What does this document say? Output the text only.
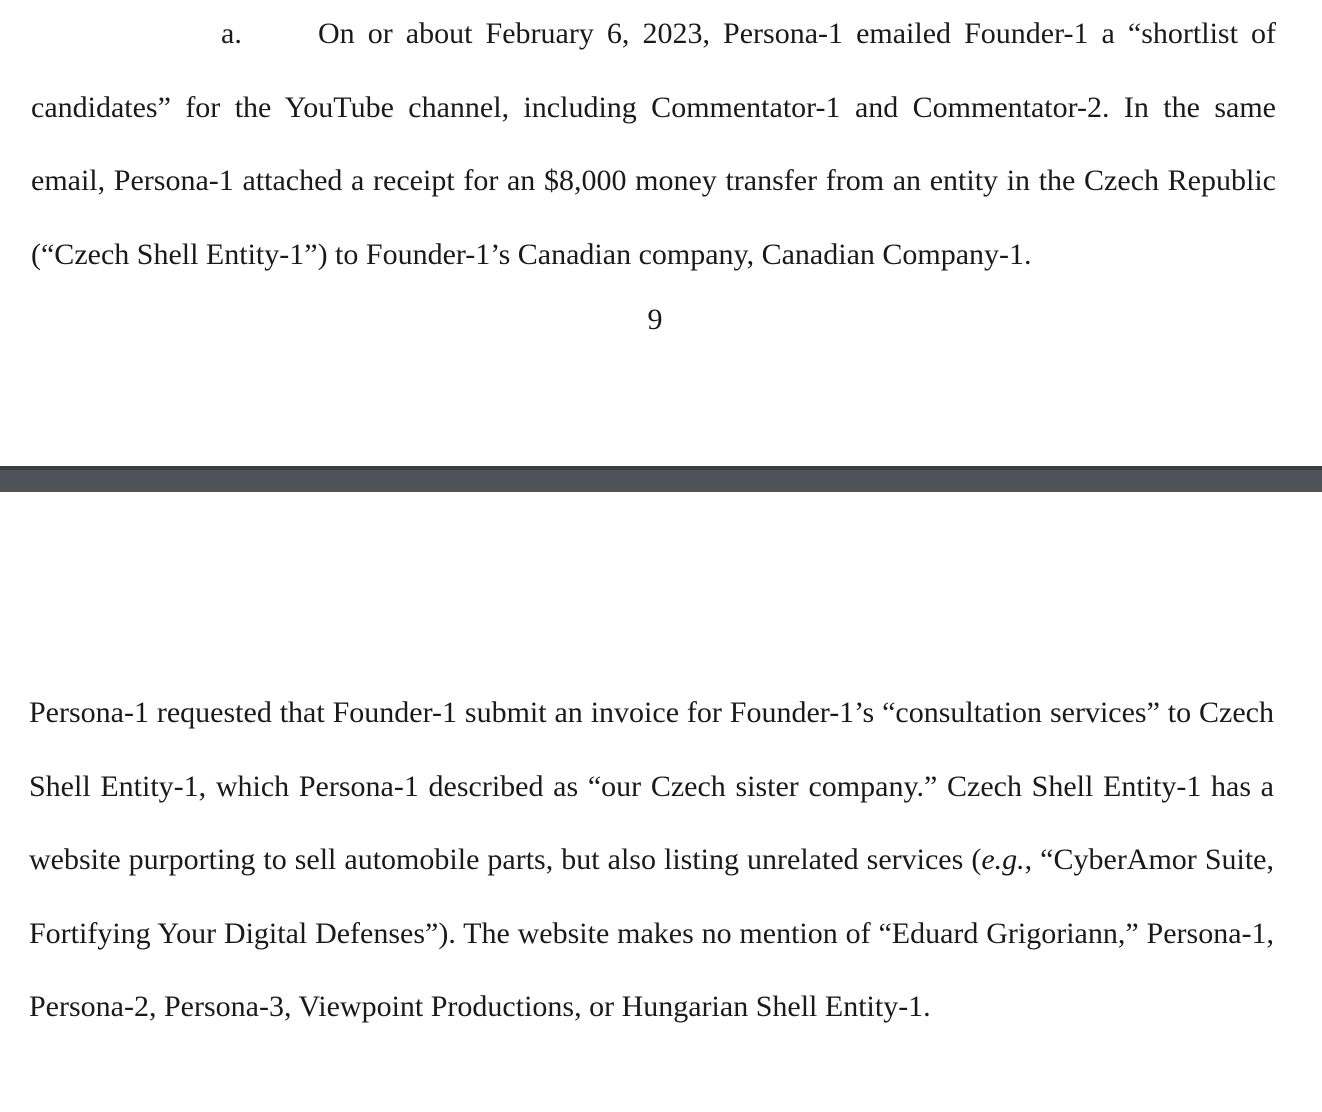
a.	On or about February 6, 2023, Persona-1 emailed Founder-1 a “shortlist of candidates” for the YouTube channel, including Commentator-1 and Commentator-2. In the same email, Persona-1 attached a receipt for an $8,000 money transfer from an entity in the Czech Republic (“Czech Shell Entity-1”) to Founder-1’s Canadian company, Canadian Company-1.
9
Persona-1 requested that Founder-1 submit an invoice for Founder-1’s “consultation services” to Czech Shell Entity-1, which Persona-1 described as “our Czech sister company.” Czech Shell Entity-1 has a website purporting to sell automobile parts, but also listing unrelated services (e.g., “CyberAmor Suite, Fortifying Your Digital Defenses”). The website makes no mention of “Eduard Grigoriann,” Persona-1, Persona-2, Persona-3, Viewpoint Productions, or Hungarian Shell Entity-1.
